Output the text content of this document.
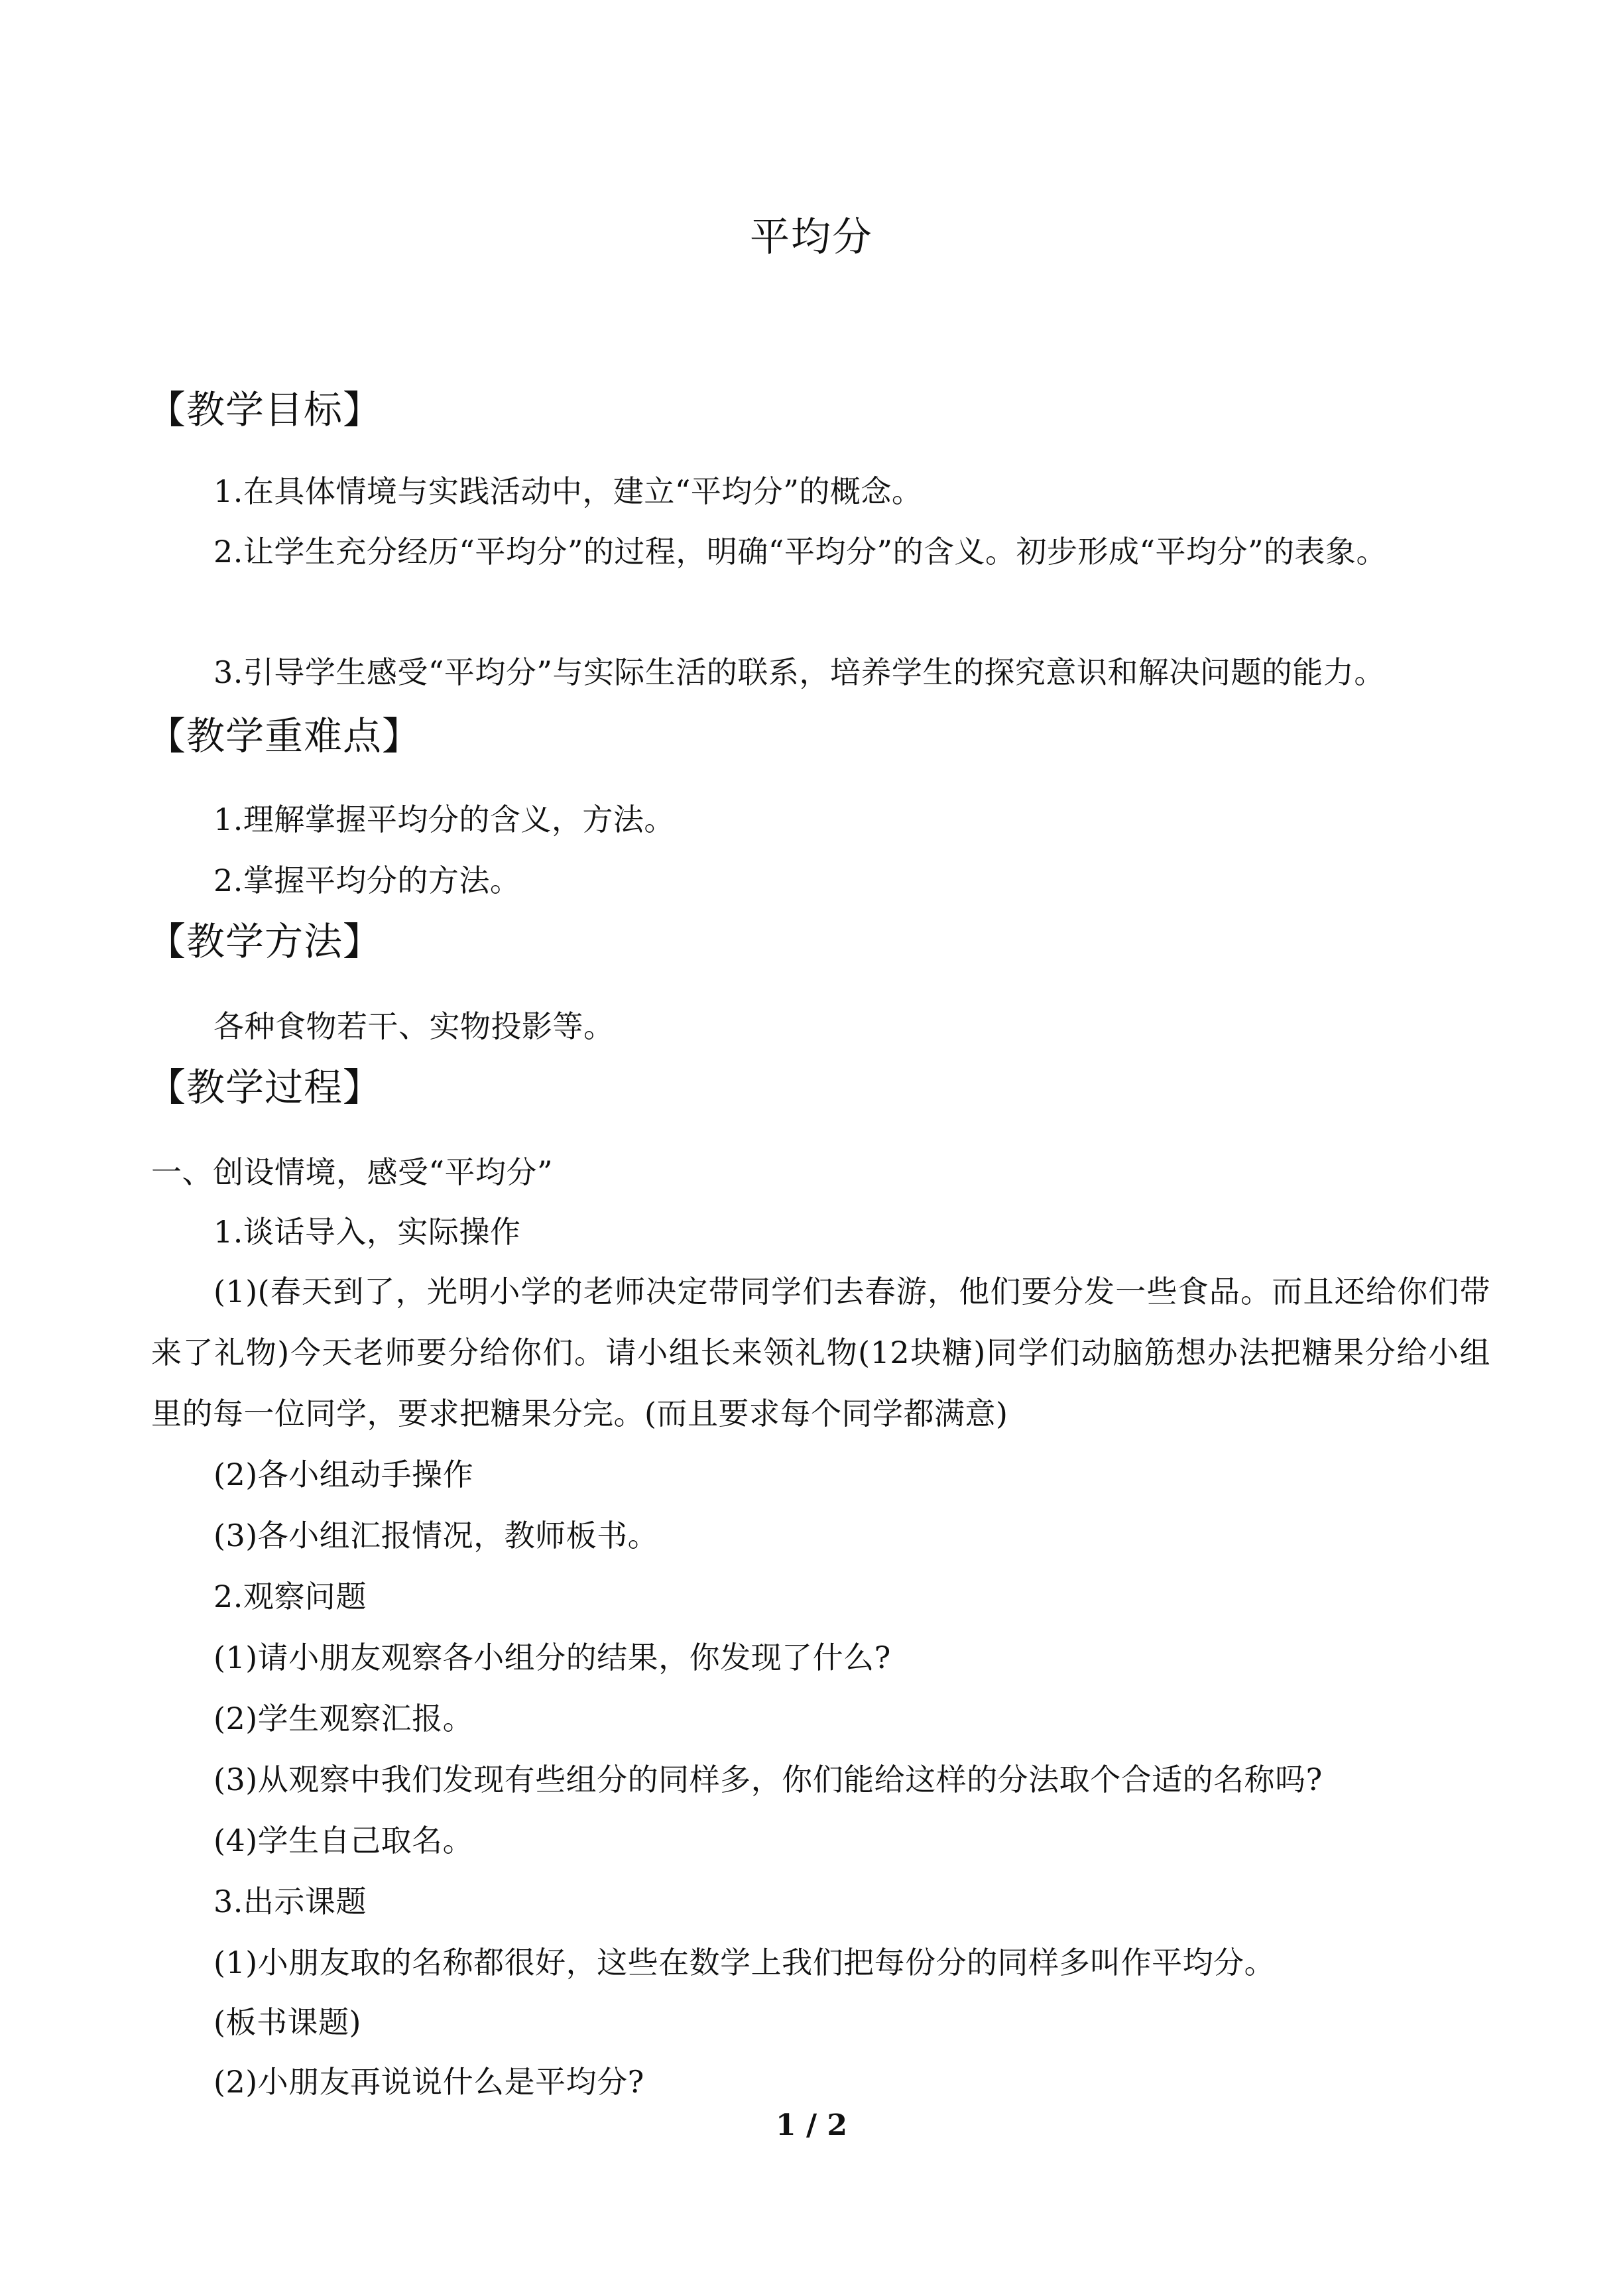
平均分
【教学目标】
1.在具体情境与实践活动中，建立“平均分”的概念。
2.让学生充分经历“平均分”的过程，明确“平均分”的含义。初步形成“平均分”的表象。
3.引导学生感受“平均分”与实际生活的联系，培养学生的探究意识和解决问题的能力。
【教学重难点】
1.理解掌握平均分的含义，方法。
2.掌握平均分的方法。
【教学方法】
各种食物若干、实物投影等。
【教学过程】
一、创设情境，感受“平均分”
1.谈话导入，实际操作
(1)(春天到了，光明小学的老师决定带同学们去春游，他们要分发一些食品。而且还给你们带来了礼物)今天老师要分给你们。请小组长来领礼物(12块糖)同学们动脑筋想办法把糖果分给小组里的每一位同学，要求把糖果分完。(而且要求每个同学都满意)
(2)各小组动手操作
(3)各小组汇报情况，教师板书。
2.观察问题
(1)请小朋友观察各小组分的结果，你发现了什么?
(2)学生观察汇报。
(3)从观察中我们发现有些组分的同样多，你们能给这样的分法取个合适的名称吗?
(4)学生自己取名。
3.出示课题
(1)小朋友取的名称都很好，这些在数学上我们把每份分的同样多叫作平均分。
(板书课题)
(2)小朋友再说说什么是平均分?
1 / 2
